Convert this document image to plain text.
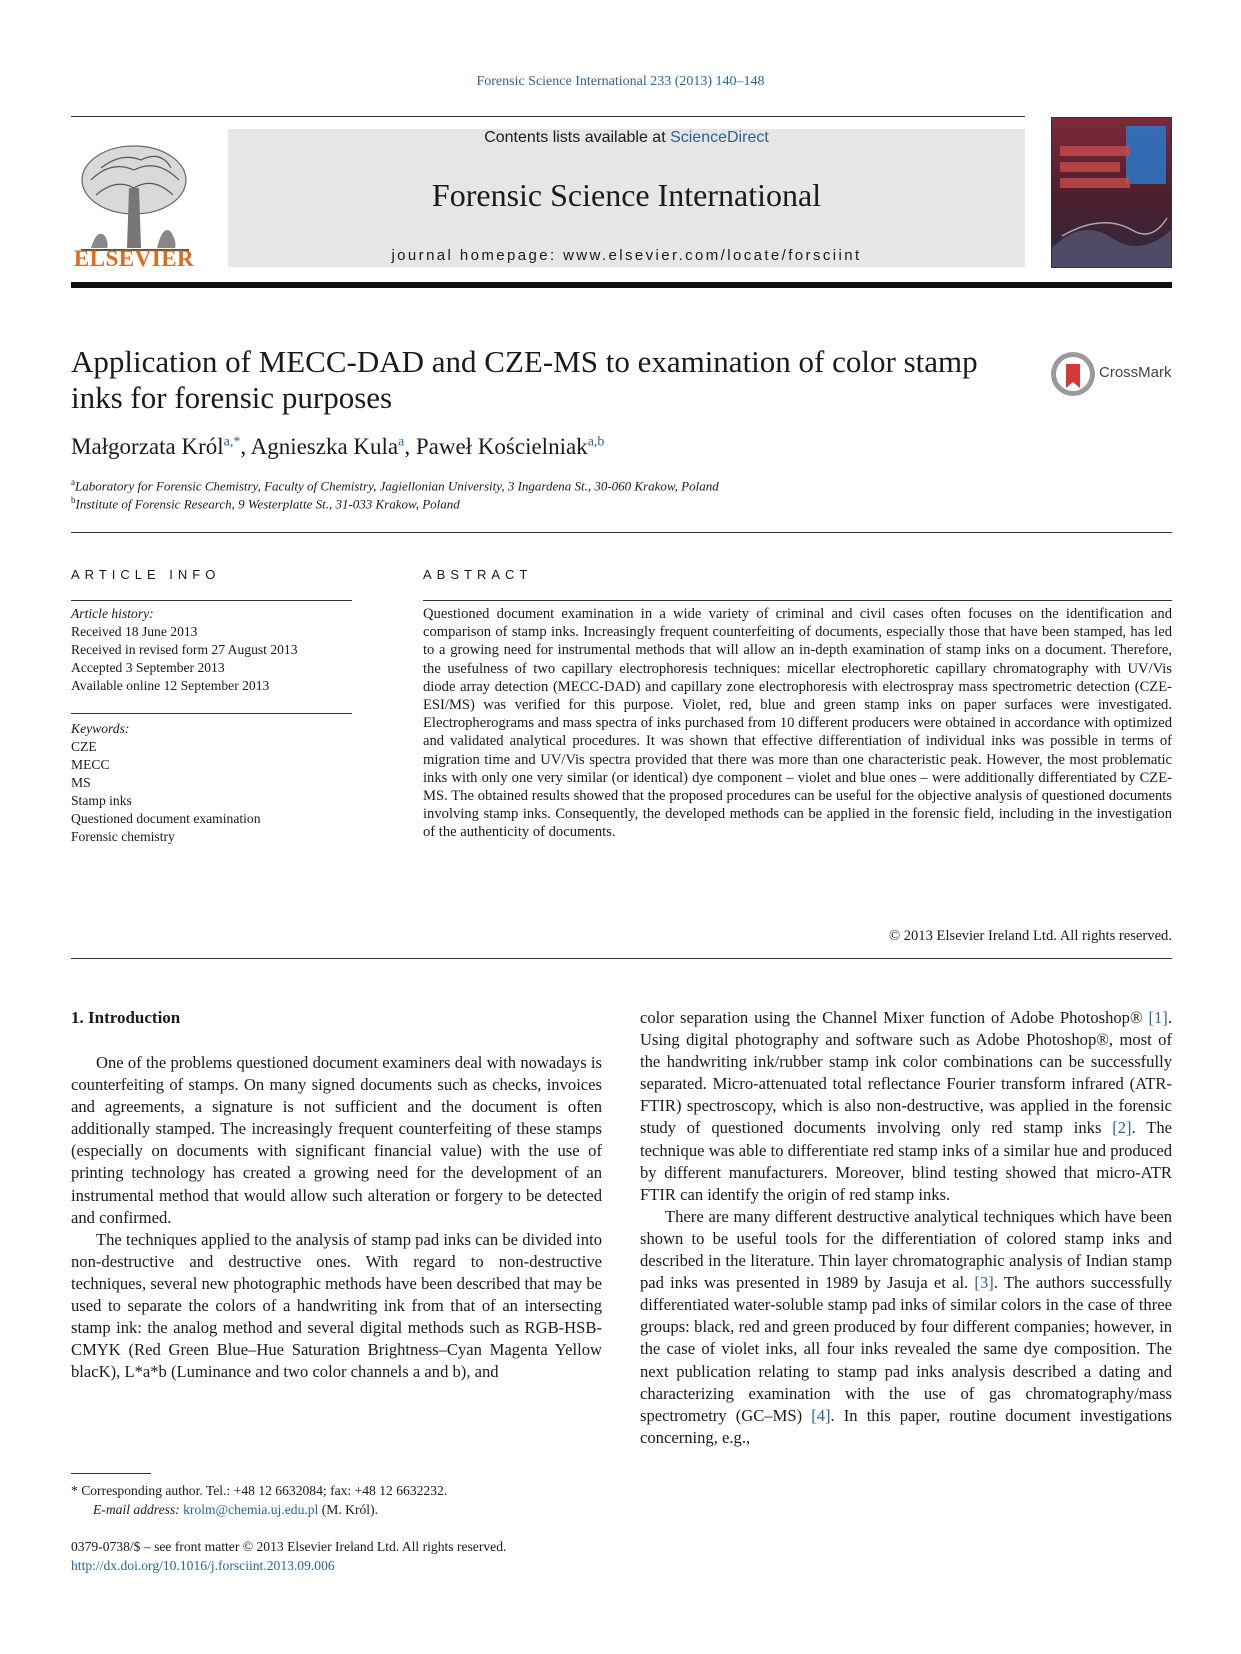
Forensic Science International 233 (2013) 140–148
ELSEVIER
Contents lists available at ScienceDirect
Forensic Science International
journal homepage: www.elsevier.com/locate/forsciint
Application of MECC-DAD and CZE-MS to examination of color stamp inks for forensic purposes
CrossMark
Małgorzata Król$^{a,*}$, Agnieszka Kula$^a$, Paweł Kościelniak$^{a,b}$
$^a$Laboratory for Forensic Chemistry, Faculty of Chemistry, Jagiellonian University, 3 Ingardena St., 30-060 Krakow, Poland
$^b$Institute of Forensic Research, 9 Westerplatte St., 31-033 Krakow, Poland
ARTICLE INFO	ABSTRACT
Article history:
Received 18 June 2013
Received in revised form 27 August 2013
Accepted 3 September 2013
Available online 12 September 2013
Keywords:
CZE
MECC
MS
Stamp inks
Questioned document examination
Forensic chemistry
Questioned document examination in a wide variety of criminal and civil cases often focuses on the identification and comparison of stamp inks. Increasingly frequent counterfeiting of documents, especially those that have been stamped, has led to a growing need for instrumental methods that will allow an in-depth examination of stamp inks on a document. Therefore, the usefulness of two capillary electrophoresis techniques: micellar electrophoretic capillary chromatography with UV/Vis diode array detection (MECC-DAD) and capillary zone electrophoresis with electrospray mass spectrometric detection (CZE-ESI/MS) was verified for this purpose. Violet, red, blue and green stamp inks on paper surfaces were investigated. Electropherograms and mass spectra of inks purchased from 10 different producers were obtained in accordance with optimized and validated analytical procedures. It was shown that effective differentiation of individual inks was possible in terms of migration time and UV/Vis spectra provided that there was more than one characteristic peak. However, the most problematic inks with only one very similar (or identical) dye component – violet and blue ones – were additionally differentiated by CZE-MS. The obtained results showed that the proposed procedures can be useful for the objective analysis of questioned documents involving stamp inks. Consequently, the developed methods can be applied in the forensic field, including in the investigation of the authenticity of documents.
© 2013 Elsevier Ireland Ltd. All rights reserved.
1. Introduction

One of the problems questioned document examiners deal with nowadays is counterfeiting of stamps. On many signed documents such as checks, invoices and agreements, a signature is not sufficient and the document is often additionally stamped. The increasingly frequent counterfeiting of these stamps (especially on documents with significant financial value) with the use of printing technology has created a growing need for the development of an instrumental method that would allow such alteration or forgery to be detected and confirmed.

The techniques applied to the analysis of stamp pad inks can be divided into non-destructive and destructive ones. With regard to non-destructive techniques, several new photographic methods have been described that may be used to separate the colors of a handwriting ink from that of an intersecting stamp ink: the analog method and several digital methods such as RGB-HSB-CMYK (Red Green Blue–Hue Saturation Brightness–Cyan Magenta Yellow blacK), L*a*b (Luminance and two color channels a and b), and

color separation using the Channel Mixer function of Adobe Photoshop® [1]. Using digital photography and software such as Adobe Photoshop®, most of the handwriting ink/rubber stamp ink color combinations can be successfully separated. Micro-attenuated total reflectance Fourier transform infrared (ATR-FTIR) spectroscopy, which is also non-destructive, was applied in the forensic study of questioned documents involving only red stamp inks [2]. The technique was able to differentiate red stamp inks of a similar hue and produced by different manufacturers. Moreover, blind testing showed that micro-ATR FTIR can identify the origin of red stamp inks.

There are many different destructive analytical techniques which have been shown to be useful tools for the differentiation of colored stamp inks and described in the literature. Thin layer chromatographic analysis of Indian stamp pad inks was presented in 1989 by Jasuja et al. [3]. The authors successfully differentiated water-soluble stamp pad inks of similar colors in the case of three groups: black, red and green produced by four different companies; however, in the case of violet inks, all four inks revealed the same dye composition. The next publication relating to stamp pad inks analysis described a dating and characterizing examination with the use of gas chromatography/mass spectrometry (GC–MS) [4]. In this paper, routine document investigations concerning, e.g.,

* Corresponding author. Tel.: +48 12 6632084; fax: +48 12 6632232.
E-mail address: krolm@chemia.uj.edu.pl (M. Król).
0379-0738/$ – see front matter © 2013 Elsevier Ireland Ltd. All rights reserved.
http://dx.doi.org/10.1016/j.forsciint.2013.09.006
